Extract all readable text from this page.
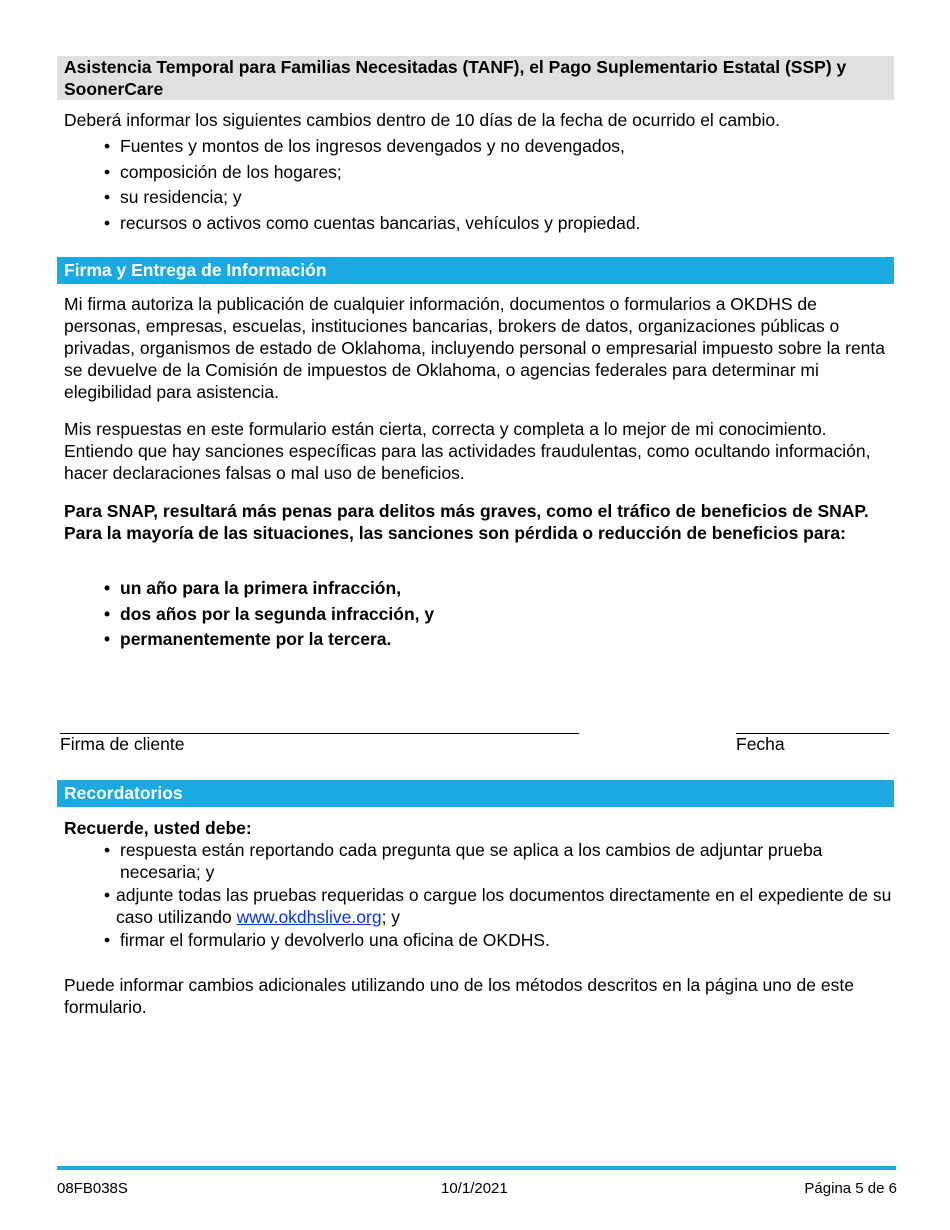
Asistencia Temporal para Familias Necesitadas (TANF), el Pago Suplementario Estatal (SSP) y SoonerCare
Deberá informar los siguientes cambios dentro de 10 días de la fecha de ocurrido el cambio.
• Fuentes y montos de los ingresos devengados y no devengados,
• composición de los hogares;
• su residencia; y
• recursos o activos como cuentas bancarias, vehículos y propiedad.
Firma y Entrega de Información
Mi firma autoriza la publicación de cualquier información, documentos o formularios a OKDHS de personas, empresas, escuelas, instituciones bancarias, brokers de datos, organizaciones públicas o privadas, organismos de estado de Oklahoma, incluyendo personal o empresarial impuesto sobre la renta se devuelve de la Comisión de impuestos de Oklahoma, o agencias federales para determinar mi elegibilidad para asistencia.
Mis respuestas en este formulario están cierta, correcta y completa a lo mejor de mi conocimiento. Entiendo que hay sanciones específicas para las actividades fraudulentas, como ocultando información, hacer declaraciones falsas o mal uso de beneficios.
Para SNAP, resultará más penas para delitos más graves, como el tráfico de beneficios de SNAP. Para la mayoría de las situaciones, las sanciones son pérdida o reducción de beneficios para:
• un año para la primera infracción,
• dos años por la segunda infracción, y
• permanentemente por la tercera.
Firma de cliente	Fecha
Recordatorios
Recuerde, usted debe:
• respuesta están reportando cada pregunta que se aplica a los cambios de adjuntar prueba necesaria; y
• adjunte todas las pruebas requeridas o cargue los documentos directamente en el expediente de su caso utilizando www.okdhslive.org; y
• firmar el formulario y devolverlo una oficina de OKDHS.
Puede informar cambios adicionales utilizando uno de los métodos descritos en la página uno de este formulario.
08FB038S	10/1/2021	Página 5 de 6
